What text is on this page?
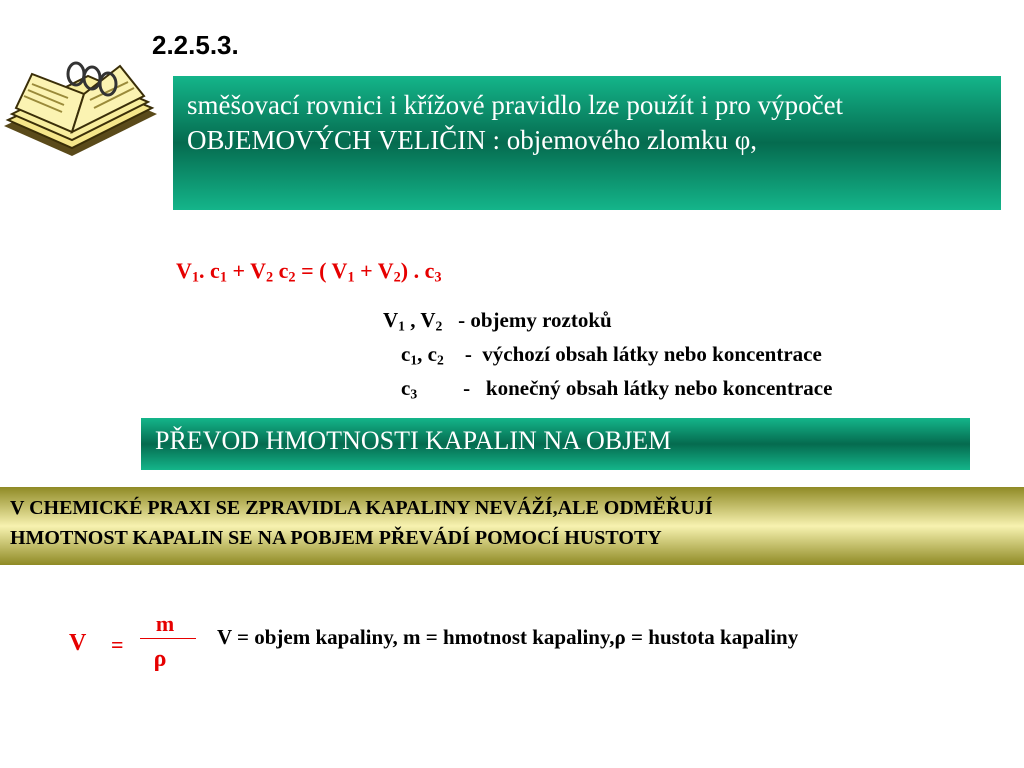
2.2.5.3.
směšovací rovnici i křížové pravidlo lze použít i pro výpočet OBJEMOVÝCH VELIČIN : objemového zlomku φ,
$V_1$. $c_1 + V_2$ $c_2$ = ( $V_1 + V_2$) . $c_3$
$V_1$ , $V_2$   - objemy roztoků
$c_1$, $c_2$    -  výchozí obsah látky nebo koncentrace
$c_3$ -   konečný obsah látky nebo koncentrace
PŘEVOD HMOTNOSTI KAPALIN NA OBJEM
V CHEMICKÉ PRAXI SE ZPRAVIDLA KAPALINY NEVÁŽÍ,ALE ODMĚŘUJÍ
HMOTNOST KAPALIN SE NA POBJEM PŘEVÁDÍ POMOCÍ HUSTOTY
V =
m
ρ
V = objem kapaliny, m = hmotnost kapaliny,ρ = hustota kapaliny
